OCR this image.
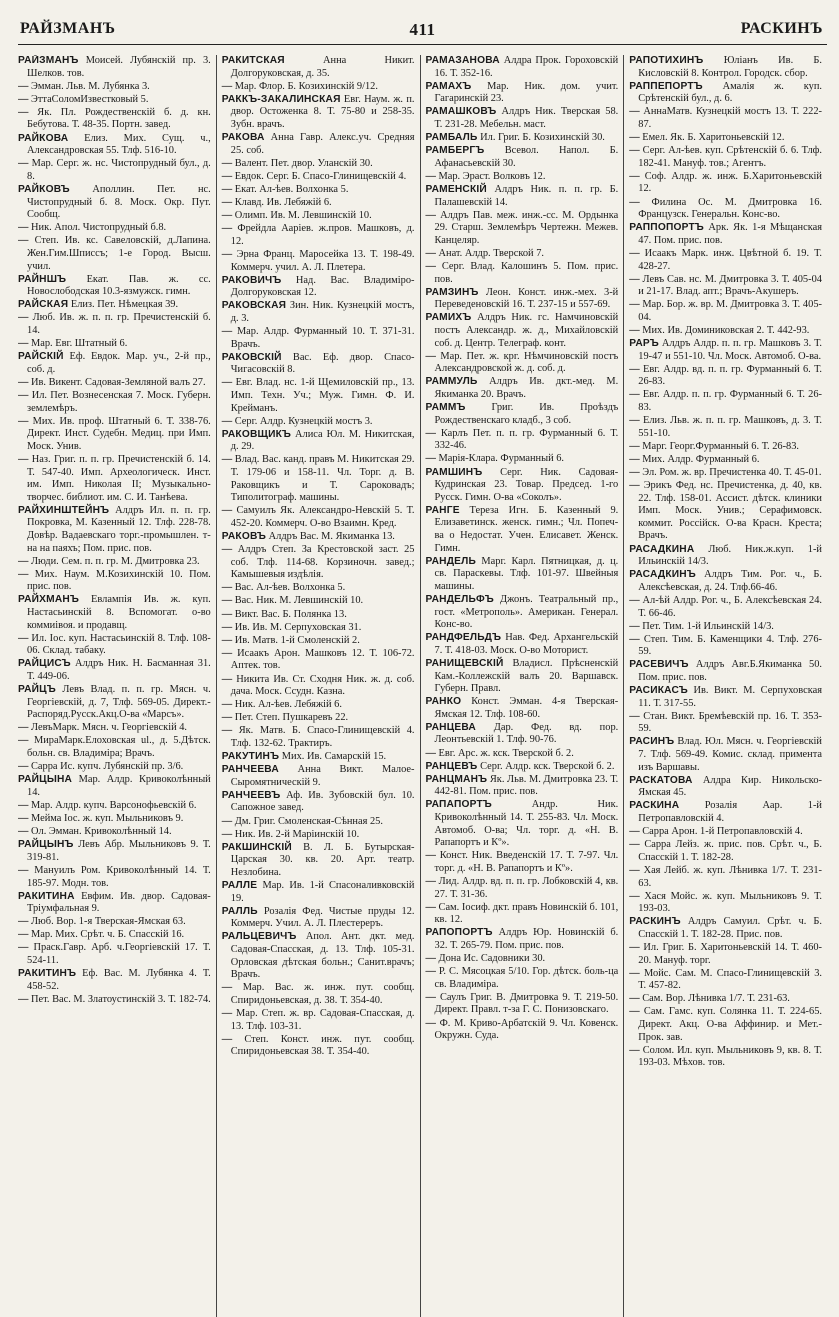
РАЙЗМАНЪ	411	РАСКИНЪ

РАЙЗМАНЪ Моисей. Лубянскій пр. 3. Шелков. тов.

— Эмман. Льв. М. Лубянка 3.

— ЭттаСоломИзвестковый 5.

— Як. Пл. Рождественскій б. д. кн. Бебутова. Т. 48-35. Портн. завед.

РАЙКОВА Елиз. Мих. Сущ. ч., Александровская 55. Тлф. 516-10.

— Мар. Серг. ж. нс. Чистопрудный бул., д. 8.

РАЙКОВЪ Аполлин. Пет. нс. Чистопрудный б. 8. Моск. Окр. Пут. Сообщ.

— Ник. Апол. Чистопрудный б.8.

— Степ. Ив. кс. Савеловскій, д.Лапина. Жен.Гим.Шписсъ; 1-е Город. Высш. учил.

РАЙНШЪ Екат. Пав. ж. сс. Новослободская 10.3-язмужск. гимн.

РАЙСКАЯ Елиз. Пет. Нѣмецкая 39.

— Люб. Ив. ж. п. п. гр. Пречистенскій б. 14.

— Мар. Евг. Штатный 6.

РАЙСКІЙ Еф. Евдок. Мар. уч., 2-й пр., соб. д.

— Ив. Викент. Садовая-Земляной валъ 27.

— Ил. Пет. Вознесенская 7. Моск. Губерн. землемѣръ.

— Мих. Ив. проф. Штатный 6. Т. 338-76. Директ. Инст. Судебн. Медиц. при Имп. Моск. Унив.

— Наз. Григ. п. п. гр. Пречистенскій б. 14. Т. 547-40. Имп. Археологическ. Инст. им. Имп. Николая II; Музыкально-творчес. библиот. им. С. И. Танѣева.

РАЙХИНШТЕЙНЪ Алдръ Ил. п. п. гр. Покровка, М. Казенный 12. Тлф. 228-78. Довѣр. Вадаевскаго торг.-промышлен. т-на на паяхъ; Пом. прис. пов.

— Люди. Сем. п. п. гр. М. Дмитровка 23.

— Мих. Наум. М.Козихинскій 10. Пом. прис. пов.

РАЙХМАНЪ Евлампія Ив. ж. куп. Настасьинскій 8. Вспомогат. о-во коммиівоя. и продавщ.

— Ил. Іос. куп. Настасьинскій 8. Тлф. 108-06. Склад. табаку.

РАЙЦИСЪ Алдръ Ник. Н. Басманная 31. Т. 449-06.

РАЙЦЪ Левъ Влад. п. п. гр. Мясн. ч. Георгіевскій, д. 7, Тлф. 569-05. Директ.-Распоряд.Русск.Акц.О-ва «Марсъ».

— ЛевъМарк. Мясн. ч. Георгіевскій 4.

— МираМарк.Елоховская ul., д. 5.Дѣтск. больн. св. Владиміра; Врачъ.

— Сарра Ис. купч. Лубянскій пр. 3/6.

РАЙЦЫНА Мар. Алдр. Кривоколѣнный 14.

— Мар. Алдр. купч. Варсонофьевскій 6.

— Мейма Іос. ж. куп. Мыльниковъ 9.

— Ол. Эмман. Кривоколѣнный 14.

РАЙЦЫНЪ Левъ Абр. Мыльниковъ 9. Т. 319-81.

— Мануилъ Ром. Кривоколѣнный 14. Т. 185-97. Модн. тов.

РАКИТИНА Евфим. Ив. двор. Садовая-Тріумфальная 9.

— Люб. Вор. 1-я Тверская-Ямская 63.

— Мар. Мих. Срѣт. ч. Б. Спасскій 16.

— Праск.Гавр. Арб. ч.Георгіевскій 17. Т. 524-11.

РАКИТИНЪ Еф. Вас. М. Лубянка 4. Т. 458-52.

— Пет. Вас. М. Златоустинскій 3. Т. 182-74.

РАКИТСКАЯ	Анна Никит. Долгоруковская, д. 35.

— Мар. Флор. Б. Козихинскій 9/12.

РАККЪ-ЗАКАЛИНСКАЯ Евг. Наум. ж. п. двор. Остоженка 8. Т. 75-80 и 258-35. Зубн. врачъ.

РАКОВА Анна Гавр. Алекс.уч. Средняя 25. соб.

— Валент. Пет. двор. Уланскій 30.

— Евдок. Серг. Б. Спасо-Глинищевскій 4.

— Екат. Ал-ѣев. Волхонка 5.

— Клавд. Ив. Лебяжій 6.

— Олимп. Ив. М. Левшинскій 10.

— Фрейдла Аарiев. ж.пров. Машковъ, д. 12.

— Эрна Франц. Маросейка 13. Т. 198-49. Коммерч. учил. А. Л. Плетерa.

РАКОВИЧЪ Над. Вас. Владиміро-Долгоруковская 12.

РАКОВСКАЯ Зин. Ник. Кузнецкій мостъ, д. 3.

— Мар. Алдр. Фурманный 10. Т. 371-31. Врачъ.

РАКОВСКІЙ Вас. Еф. двор. Спасо-Чигасовскій 8.

— Евг. Влад. нс. 1-й Щемиловскій пр., 13. Имп. Техн. Уч.; Муж. Гимн. Ф. И. Крейманъ.

— Серг. Алдр. Кузнецкій мостъ 3.

РАКОВЩИКЪ Алиса Юл. М. Никитская, д. 29.

— Влад. Вас. канд. правъ М. Никитская 29. Т. 179-06 и 158-11. Чл. Торг. д. В. Раковщикъ и Т. Сароковадъ; Типолитограф. машины.

— Самуилъ Як. Александро-Невскій 5. Т. 452-20. Коммерч. О-во Взаимн. Кред.

РАКОВЪ Алдръ Вас. М. Якиманка 13.

— Алдръ Степ. За Крестовской заст. 25 соб. Тлф. 114-68. Корзиночн. завед.; Камышевыя издѣлія.

— Вас. Ал-ѣев. Волхонка 5.

— Вас. Ник. М. Левшинскій 10.

— Викт. Вас. Б. Полянка 13.

— Ив. Ив. М. Серпуховская 31.

— Ив. Матв. 1-й Смоленскій 2.

— Исаакъ Арон. Машковъ 12. Т. 106-72. Аптек. тов.

— Никита Ив. Ст. Сходня Ник. ж. д. соб. дача. Моск. Ссудн. Казна.

— Ник. Ал-ѣев. Лебяжій 6.

— Пет. Степ. Пушкаревъ 22.

— Як. Матв. Б. Спасо-Глинищевскій 4. Тлф. 132-62. Трактиръ.

РАКУТИНЪ Мих. Ив. Самарскій 15.

РАНЧЕЕВА Анна Викт. Малое-Сыромятническій 9.

РАНЧЕЕВЪ Аф. Ив. Зубовскій бул. 10. Сапожное завед.

— Дм. Григ. Смоленская-Сѣнная 25.

— Ник. Ив. 2-й Маріинскій 10.

РАКШИНСКІЙ В. Л. Б. Бутырская-Царская 30. кв. 20. Арт. театр. Незлобина.

РАЛЛЕ Мар. Ив. 1-й Спасоналивковскій 19.

РАЛЛЬ Розалія Фед. Чистые пруды 12. Коммерч. Учил. А. Л. Плестереръ.

РАЛЬЦЕВИЧЪ Апол. Ант. дкт. мед. Садовая-Спасская, д. 13. Тлф. 105-31. Орловская дѣтская больн.; Санит.врачъ; Врачъ.

— Мар. Вас. ж. инж. пут. сообщ. Спиридоньевская, д. 38. Т. 354-40.

— Мар. Степ. ж. вр. Садовая-Спасская, д. 13. Тлф. 103-31.

— Степ. Конст. инж. пут. сообщ. Спиридоньевская 38. Т. 354-40.

РАМАЗАНОВА Алдра Прок. Гороховскій 16. Т. 352-16.

РАМАХЪ Мар. Ник. дом. учит. Гагаринскій 23.

РАМАШКОВЪ Алдръ Ник. Тверская 58. Т. 231-28. Мебельн. маст.

РАМБАЛЬ Ил. Григ. Б. Козихинскій 30.

РАМБЕРГЪ Всевол. Напол. Б. Афанасьевскій 30.

— Мар. Эраст. Волковъ 12.

РАМЕНСКІЙ Алдръ Ник. п. п. гр. Б. Палашевскій 14.

— Алдръ Пав. меж. инж.-сс. М. Ордынка 29. Старш. Землемѣръ Чертежн. Межев. Канцеляр.

— Анат. Алдр. Тверской 7.

— Серг. Влад. Калошинъ 5. Пом. прис. пов.

РАМЗИНЪ Леон. Конст. инж.-мех. 3-й Переведеновскій 16. Т. 237-15 и 557-69.

РАМИХЪ Алдръ Ник. гс. Намчиновскій постъ Александр. ж. д., Михайловскій соб. д. Центр. Телеграф. конт.

— Мар. Пет. ж. крг. Нѣмчиновскій постъ Александровской ж. д. соб. д.

РАММУЛЬ Алдръ Ив. дкт.-мед. М. Якиманка 20. Врачъ.

РАММЪ Григ. Ив. Проѣздъ Рождественскаго кладб., 3 соб.

— Карлъ Пет. п. п. гр. Фурманный 6. Т. 332-46.

— Марія-Клара. Фурманный 6.

РАМШИНЪ Серг. Ник. Садовая-Кудринская 23. Товар. Председ. 1-го Русск. Гимн. О-ва «Соколъ».

РАНГЕ Тереза Игн. Б. Казенный 9. Елизаветинск. женск. гимн.; Чл. Попеч-ва о Недостат. Учен. Елисавет. Женск. Гимн.

РАНДЕЛЬ Марг. Карл. Пятницкая, д. ц. св. Параскевы. Тлф. 101-97. Швейныя машины.

РАНДЕЛЬФЪ Джонъ. Театральный пр., гост. «Метрополь». Американ. Генерал. Конс-во.

РАНДФЕЛЬДЪ Нав. Фед. Архангельскій 7. Т. 418-03. Моск. О-во Моторист.

РАНИЩЕВСКІЙ Владисл. Прѣсненскій Кам.-Коллежскій валъ 20. Варшавск. Губерн. Правл.

РАНКО Конст. Эмман. 4-я Тверская-Ямская 12. Тлф. 108-60.

РАНЦЕВА Дар. Фед. вд. пор. Леонтьевскій 1. Тлф. 90-76.

— Евг. Арс. ж. кск. Тверской б. 2.

РАНЦЕВЪ Серг. Алдр. кск. Тверской б. 2.

РАНЦМАНЪ Як. Льв. М. Дмитровка 23. Т. 442-81. Пом. прис. пов.

РАПАПОРТЪ	Андр. Ник. Кривоколѣнный 14. Т. 255-83. Чл. Моск. Автомоб. О-ва; Чл. торг. д. «Н. В. Рапапортъ и Кº».

— Конст. Ник. Введенскій 17. Т. 7-97. Чл. торг. д. «Н. В. Рапапортъ и Кº».

— Лид. Алдр. вд. п. п. гр. Лобковскій 4, кв. 27. Т. 31-36.

— Сам. Іосиф. дкт. правъ Новинскій б. 101, кв. 12.

РАПОПОРТЪ Алдръ Юр. Новинскій б. 32. Т. 265-79. Пом. прис. пов.

— Дона Ис. Садовники 30.

— Р. С. Мясоцкая 5/10. Гор. дѣтск. боль-ца св. Владиміра.

— Саулъ Григ. В. Дмитровка 9. Т. 219-50. Директ. Правл. т-за Г. С. Понизовскаго.

— Ф. М. Криво-Арбатскій 9. Чл. Ковенск. Окружн. Суда.

РАПОТИХИНЪ Юліанъ Ив. Б. Кисловскій 8. Контрол. Городск. сбор.

РАППЕПОРТЪ Амалія ж. куп. Срѣтенскій бул., д. 6.

— АннаМатв. Кузнецкій мостъ 13. Т. 222-87.

— Емел. Як. Б. Харитоньевскій 12.

— Серг. Ал-ѣев. куп. Срѣтенскій б. 6. Тлф. 182-41. Мануф. тов.; Агентъ.

— Соф. Алдр. ж. инж. Б.Харитоньевскій 12.

— Филина Ос. М. Дмитровка 16. Французск. Генеральн. Конс-во.

РАППОПОРТЪ Арк. Як. 1-я Мѣщанская 47. Пом. прис. пов.

— Исаакъ Марк. инж. Цвѣтной б. 19. Т. 428-27.

— Левъ Сав. нс. М. Дмитровка 3. Т. 405-04 и 21-17. Влад. апт.; Врачъ-Акушеръ.

— Мар. Бор. ж. вр. М. Дмитровка 3. Т. 405-04.

— Мих. Ив. Доминиковская 2. Т. 442-93.

РАРЪ Алдръ Алдр. п. п. гр. Машковъ 3. Т. 19-47 и 551-10. Чл. Моск. Автомоб. О-ва.

— Евг. Алдр. вд. п. п. гр. Фурманный 6. Т. 26-83.

— Евг. Алдр. п. п. гр. Фурманный 6. Т. 26-83.

— Елиз. Льв. ж. п. п. гр. Машковъ, д. 3. Т. 551-10.

— Марг. Георг.Фурманный 6. Т. 26-83.

— Мих. Алдр. Фурманный 6.

— Эл. Ром. ж. вр. Пречистенка 40. Т. 45-01.

— Эрикъ Фед. нс. Пречистенка, д. 40, кв. 22. Тлф. 158-01. Ассист. дѣтск. клиники Имп. Моск. Унив.; Серафимовск. коммит. Россійск. О-ва Красн. Креста; Врачъ.

РАСАДКИНА Люб. Ник.ж.куп. 1-й Ильинскій 14/3.

РАСАДКИНЪ Алдръ Тим. Рог. ч., Б. Алексѣевская, д. 24. Тлф.66-46.

— Ал-ѣй Алдр. Рог. ч., Б. Алексѣевская 24. Т. 66-46.

— Пет. Тим. 1-й Ильинскій 14/3.

— Степ. Тим. Б. Каменщики 4. Тлф. 276-59.

РАСЕВИЧЪ Алдръ Авг.Б.Якиманка 50. Пом. прис. пов.

РАСИКАСЪ Ив. Викт. М. Серпуховская 11. Т. 317-55.

— Стан. Викт. Бремѣевскій пр. 16. Т. 353-59.

РАСИНЪ Влад. Юл. Мясн. ч. Георгіевскій 7. Тлф. 569-49. Комис. склад. примента изъ Варшавы.

РАСКАТОВА Алдра Кир. Никольско-Ямская 45.

РАСКИНА Розалія Аар. 1-й Петропавловскій 4.

— Сарра Арон. 1-й Петропавловскій 4.

— Сарра Лейз. ж. прис. пов. Срѣт. ч., Б. Спасскій 1. Т. 182-28.

— Хая Лейб. ж. куп. Лѣнивка 1/7. Т. 231-63.

— Хася Мойс. ж. куп. Мыльниковъ 9. Т. 193-03.

РАСКИНЪ Алдръ Самуил. Срѣт. ч. Б. Спасскій 1. Т. 182-28. Прис. пов.

— Ил. Григ. Б. Харитоньевскій 14. Т. 460-20. Мануф. торг.

— Мойс. Сам. М. Спасо-Глинищевскій 3. Т. 457-82.

— Сам. Вор. Лѣнивка 1/7. Т. 231-63.

— Сам. Гамс. куп. Солянка 11. Т. 224-65. Директ. Акц. О-ва Аффинир. и Мет.-Прок. зав.

— Солом. Ил. куп. Мыльниковъ 9, кв. 8. Т. 193-03. Мѣхов. тов.
